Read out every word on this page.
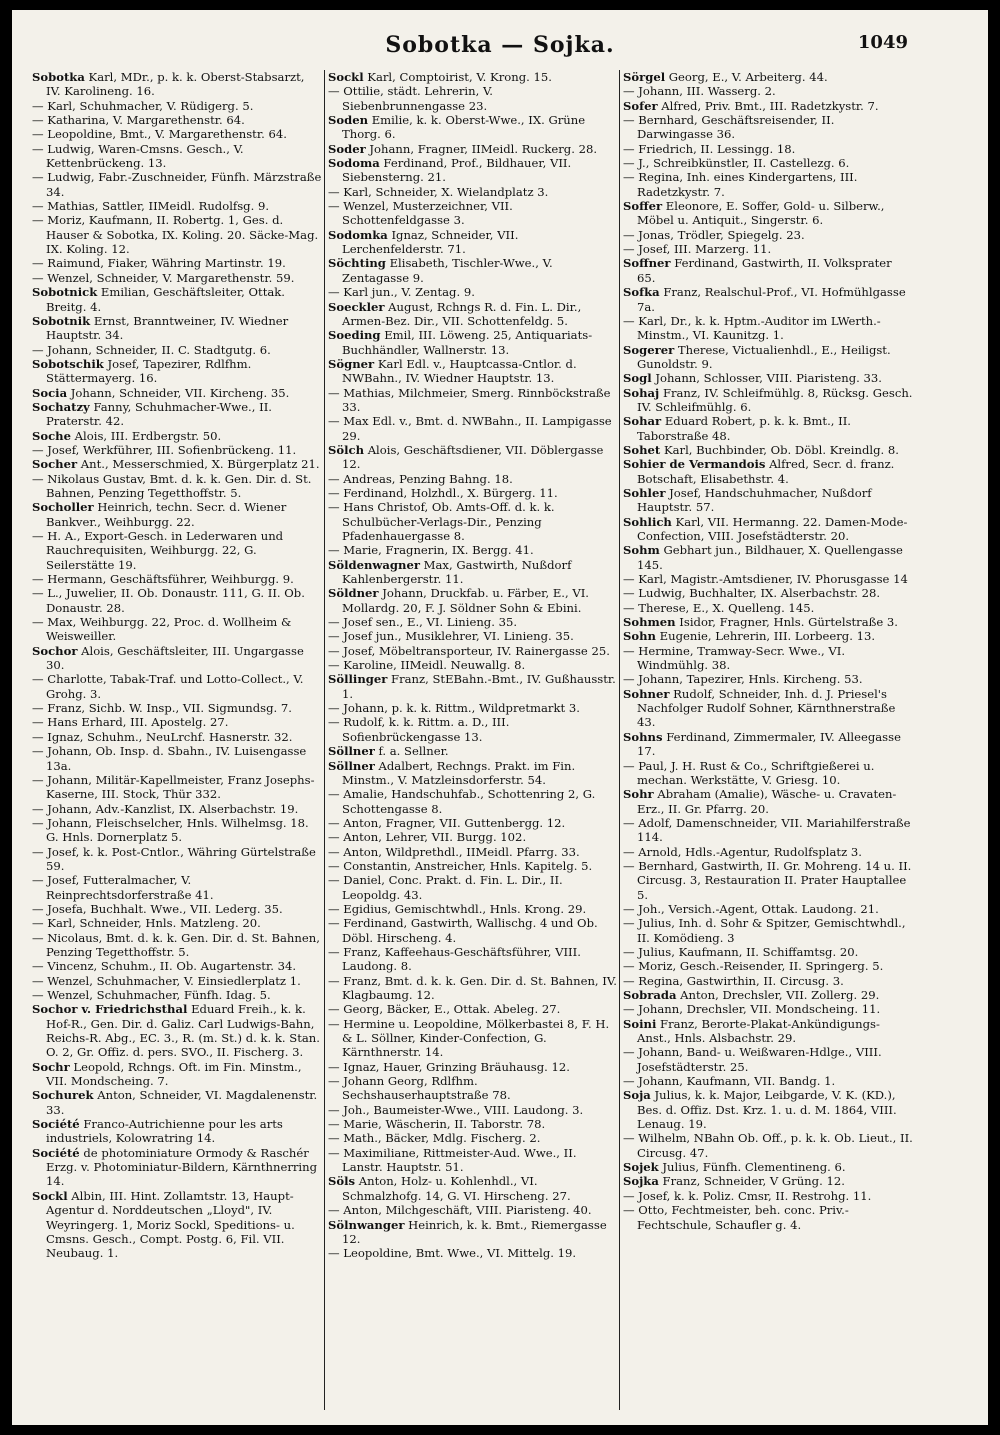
Sobotka — Sojka.	1049

Sobotka Karl, MDr., p. k. k. Oberst-Stabsarzt, IV. Karolineng. 16.

— Karl, Schuhmacher, V. Rüdigerg. 5.

— Katharina, V. Margarethenstr. 64.

— Leopoldine, Bmt., V. Margarethenstr. 64.

— Ludwig, Waren-Cmsns. Gesch., V. Kettenbrückeng. 13.

— Ludwig, Fabr.-Zuschneider, Fünfh. Märzstraße 34.

— Mathias, Sattler, IIMeidl. Rudolfsg. 9.

— Moriz, Kaufmann, II. Robertg. 1, Ges. d. Hauser & Sobotka, IX. Koling. 20. Säcke-Mag. IX. Koling. 12.

— Raimund, Fiaker, Währing Martinstr. 19.

— Wenzel, Schneider, V. Margarethenstr. 59.

Sobotnick Emilian, Geschäftsleiter, Ottak. Breitg. 4.

Sobotnik Ernst, Branntweiner, IV. Wiedner Hauptstr. 34.

— Johann, Schneider, II. C. Stadtgutg. 6.

Sobotschik Josef, Tapezirer, Rdlfhm. Stättermayerg. 16.

Socia Johann, Schneider, VII. Kircheng. 35.

Sochatzy Fanny, Schuhmacher-Wwe., II. Praterstr. 42.

Soche Alois, III. Erdbergstr. 50.

— Josef, Werkführer, III. Sofienbrückeng. 11.

Socher Ant., Messerschmied, X. Bürgerplatz 21.

— Nikolaus Gustav, Bmt. d. k. k. Gen. Dir. d. St. Bahnen, Penzing Tegetthoffstr. 5.

Socholler Heinrich, techn. Secr. d. Wiener Bankver., Weihburgg. 22.

— H. A., Export-Gesch. in Lederwaren und Rauchrequisiten, Weihburgg. 22, G. Seilerstätte 19.

— Hermann, Geschäftsführer, Weihburgg. 9.

— L., Juwelier, II. Ob. Donaustr. 111, G. II. Ob. Donaustr. 28.

— Max, Weihburgg. 22, Proc. d. Wollheim & Weisweiller.

Sochor Alois, Geschäftsleiter, III. Ungargasse 30.

— Charlotte, Tabak-Traf. und Lotto-Collect., V. Grohg. 3.

— Franz, Sichb. W. Insp., VII. Sigmundsg. 7.

— Hans Erhard, III. Apostelg. 27.

— Ignaz, Schuhm., NeuLrchf. Hasnerstr. 32.

— Johann, Ob. Insp. d. Sbahn., IV. Luisengasse 13a.

— Johann, Militär-Kapellmeister, Franz Josephs-Kaserne, III. Stock, Thür 332.

— Johann, Adv.-Kanzlist, IX. Alserbachstr. 19.

— Johann, Fleischselcher, Hnls. Wilhelmsg. 18. G. Hnls. Dornerplatz 5.

— Josef, k. k. Post-Cntlor., Währing Gürtelstraße 59.

— Josef, Futteralmacher, V. Reinprechtsdorferstraße 41.

— Josefa, Buchhalt. Wwe., VII. Lederg. 35.

— Karl, Schneider, Hnls. Matzleng. 20.

— Nicolaus, Bmt. d. k. k. Gen. Dir. d. St. Bahnen, Penzing Tegetthoffstr. 5.

— Vincenz, Schuhm., II. Ob. Augartenstr. 34.

— Wenzel, Schuhmacher, V. Einsiedlerplatz 1.

— Wenzel, Schuhmacher, Fünfh. Idag. 5.

Sochor v. Friedrichsthal Eduard Freih., k. k. Hof-R., Gen. Dir. d. Galiz. Carl Ludwigs-Bahn, Reichs-R. Abg., EC. 3., R. (m. St.) d. k. k. Stan. O. 2, Gr. Offiz. d. pers. SVO., II. Fischerg. 3.

Sochr Leopold, Rchngs. Oft. im Fin. Minstm., VII. Mondscheing. 7.

Sochurek Anton, Schneider, VI. Magdalenenstr. 33.

Société Franco-Autrichienne pour les arts industriels, Kolowratring 14.

Société de photominiature Ormody & Raschér Erzg. v. Photominiatur-Bildern, Kärnthnerring 14.

Sockl Albin, III. Hint. Zollamtstr. 13, Haupt-Agentur d. Norddeutschen „Lloyd", IV. Weyringerg. 1, Moriz Sockl, Speditions- u. Cmsns. Gesch., Compt. Postg. 6, Fil. VII. Neubaug. 1.

Sockl Karl, Comptoirist, V. Krong. 15.

— Ottilie, städt. Lehrerin, V. Siebenbrunnengasse 23.

Soden Emilie, k. k. Oberst-Wwe., IX. Grüne Thorg. 6.

Soder Johann, Fragner, IIMeidl. Ruckerg. 28.

Sodoma Ferdinand, Prof., Bildhauer, VII. Siebensterng. 21.

— Karl, Schneider, X. Wielandplatz 3.

— Wenzel, Musterzeichner, VII. Schottenfeldgasse 3.

Sodomka Ignaz, Schneider, VII. Lerchenfelderstr. 71.

Söchting Elisabeth, Tischler-Wwe., V. Zentagasse 9.

— Karl jun., V. Zentag. 9.

Soeckler August, Rchngs R. d. Fin. L. Dir., Armen-Bez. Dir., VII. Schottenfeldg. 5.

Soeding Emil, III. Löweng. 25, Antiquariats-Buchhändler, Wallnerstr. 13.

Sögner Karl Edl. v., Hauptcassa-Cntlor. d. NWBahn., IV. Wiedner Hauptstr. 13.

— Mathias, Milchmeier, Smerg. Rinnböckstraße 33.

— Max Edl. v., Bmt. d. NWBahn., II. Lampigasse 29.

Sölch Alois, Geschäftsdiener, VII. Döblergasse 12.

— Andreas, Penzing Bahng. 18.

— Ferdinand, Holzhdl., X. Bürgerg. 11.

— Hans Christof, Ob. Amts-Off. d. k. k. Schulbücher-Verlags-Dir., Penzing Pfadenhauergasse 8.

— Marie, Fragnerin, IX. Bergg. 41.

Söldenwagner Max, Gastwirth, Nußdorf Kahlenbergerstr. 11.

Söldner Johann, Druckfab. u. Färber, E., VI. Mollardg. 20, F. J. Söldner Sohn & Ebini.

— Josef sen., E., VI. Linieng. 35.

— Josef jun., Musiklehrer, VI. Linieng. 35.

— Josef, Möbeltransporteur, IV. Rainergasse 25.

— Karoline, IIMeidl. Neuwallg. 8.

Söllinger Franz, StEBahn.-Bmt., IV. Gußhausstr. 1.

— Johann, p. k. k. Rittm., Wildpretmarkt 3.

— Rudolf, k. k. Rittm. a. D., III. Sofienbrückengasse 13.

Söllner f. a. Sellner.

Söllner Adalbert, Rechngs. Prakt. im Fin. Minstm., V. Matzleinsdorferstr. 54.

— Amalie, Handschuhfab., Schottenring 2, G. Schottengasse 8.

— Anton, Fragner, VII. Guttenbergg. 12.

— Anton, Lehrer, VII. Burgg. 102.

— Anton, Wildprethdl., IIMeidl. Pfarrg. 33.

— Constantin, Anstreicher, Hnls. Kapitelg. 5.

— Daniel, Conc. Prakt. d. Fin. L. Dir., II. Leopoldg. 43.

— Egidius, Gemischtwhdl., Hnls. Krong. 29.

— Ferdinand, Gastwirth, Wallischg. 4 und Ob. Döbl. Hirscheng. 4.

— Franz, Kaffeehaus-Geschäftsführer, VIII. Laudong. 8.

— Franz, Bmt. d. k. k. Gen. Dir. d. St. Bahnen, IV. Klagbaumg. 12.

— Georg, Bäcker, E., Ottak. Abeleg. 27.

— Hermine u. Leopoldine, Mölkerbastei 8, F. H. & L. Söllner, Kinder-Confection, G. Kärnthnerstr. 14.

— Ignaz, Hauer, Grinzing Bräuhausg. 12.

— Johann Georg, Rdlfhm. Sechshauserhauptstraße 78.

— Joh., Baumeister-Wwe., VIII. Laudong. 3.

— Marie, Wäscherin, II. Taborstr. 78.

— Math., Bäcker, Mdlg. Fischerg. 2.

— Maximiliane, Rittmeister-Aud. Wwe., II. Lanstr. Hauptstr. 51.

Söls Anton, Holz- u. Kohlenhdl., VI. Schmalzhofg. 14, G. VI. Hirscheng. 27.

— Anton, Milchgeschäft, VIII. Piaristeng. 40.

Sölnwanger Heinrich, k. k. Bmt., Riemergasse 12.

— Leopoldine, Bmt. Wwe., VI. Mittelg. 19.

Sörgel Georg, E., V. Arbeiterg. 44.

— Johann, III. Wasserg. 2.

Sofer Alfred, Priv. Bmt., III. Radetzkystr. 7.

— Bernhard, Geschäftsreisender, II. Darwingasse 36.

— Friedrich, II. Lessingg. 18.

— J., Schreibkünstler, II. Castellezg. 6.

— Regina, Inh. eines Kindergartens, III. Radetzkystr. 7.

Soffer Eleonore, E. Soffer, Gold- u. Silberw., Möbel u. Antiquit., Singerstr. 6.

— Jonas, Trödler, Spiegelg. 23.

— Josef, III. Marzerg. 11.

Soffner Ferdinand, Gastwirth, II. Volksprater 65.

Sofka Franz, Realschul-Prof., VI. Hofmühlgasse 7a.

— Karl, Dr., k. k. Hptm.-Auditor im LWerth.-Minstm., VI. Kaunitzg. 1.

Sogerer Therese, Victualienhdl., E., Heiligst. Gunoldstr. 9.

Sogl Johann, Schlosser, VIII. Piaristeng. 33.

Sohaj Franz, IV. Schleifmühlg. 8, Rücksg. Gesch. IV. Schleifmühlg. 6.

Sohar Eduard Robert, p. k. k. Bmt., II. Taborstraße 48.

Sohet Karl, Buchbinder, Ob. Döbl. Kreindlg. 8.

Sohier de Vermandois Alfred, Secr. d. franz. Botschaft, Elisabethstr. 4.

Sohler Josef, Handschuhmacher, Nußdorf Hauptstr. 57.

Sohlich Karl, VII. Hermanng. 22. Damen-Mode-Confection, VIII. Josefstädterstr. 20.

Sohm Gebhart jun., Bildhauer, X. Quellengasse 145.

— Karl, Magistr.-Amtsdiener, IV. Phorusgasse 14

— Ludwig, Buchhalter, IX. Alserbachstr. 28.

— Therese, E., X. Quelleng. 145.

Sohmen Isidor, Fragner, Hnls. Gürtelstraße 3.

Sohn Eugenie, Lehrerin, III. Lorbeerg. 13.

— Hermine, Tramway-Secr. Wwe., VI. Windmühlg. 38.

— Johann, Tapezirer, Hnls. Kircheng. 53.

Sohner Rudolf, Schneider, Inh. d. J. Priesel's Nachfolger Rudolf Sohner, Kärnthnerstraße 43.

Sohns Ferdinand, Zimmermaler, IV. Alleegasse 17.

— Paul, J. H. Rust & Co., Schriftgießerei u. mechan. Werkstätte, V. Griesg. 10.

Sohr Abraham (Amalie), Wäsche- u. Cravaten-Erz., II. Gr. Pfarrg. 20.

— Adolf, Damenschneider, VII. Mariahilferstraße 114.

— Arnold, Hdls.-Agentur, Rudolfsplatz 3.

— Bernhard, Gastwirth, II. Gr. Mohreng. 14 u. II. Circusg. 3, Restauration II. Prater Hauptallee 5.

— Joh., Versich.-Agent, Ottak. Laudong. 21.

— Julius, Inh. d. Sohr & Spitzer, Gemischtwhdl., II. Komödieng. 3

— Julius, Kaufmann, II. Schiffamtsg. 20.

— Moriz, Gesch.-Reisender, II. Springerg. 5.

— Regina, Gastwirthin, II. Circusg. 3.

Sobrada Anton, Drechsler, VII. Zollerg. 29.

— Johann, Drechsler, VII. Mondscheing. 11.

Soini Franz, Berorte-Plakat-Ankündigungs-Anst., Hnls. Alsbachstr. 29.

— Johann, Band- u. Weißwaren-Hdlge., VIII. Josefstädterstr. 25.

— Johann, Kaufmann, VII. Bandg. 1.

Soja Julius, k. k. Major, Leibgarde, V. K. (KD.), Bes. d. Offiz. Dst. Krz. 1. u. d. M. 1864, VIII. Lenaug. 19.

— Wilhelm, NBahn Ob. Off., p. k. k. Ob. Lieut., II. Circusg. 47.

Sojek Julius, Fünfh. Clementineng. 6.

Sojka Franz, Schneider, V Grüng. 12.

— Josef, k. k. Poliz. Cmsr, II. Restrohg. 11.

— Otto, Fechtmeister, beh. conc. Priv.-Fechtschule, Schaufler g. 4.
